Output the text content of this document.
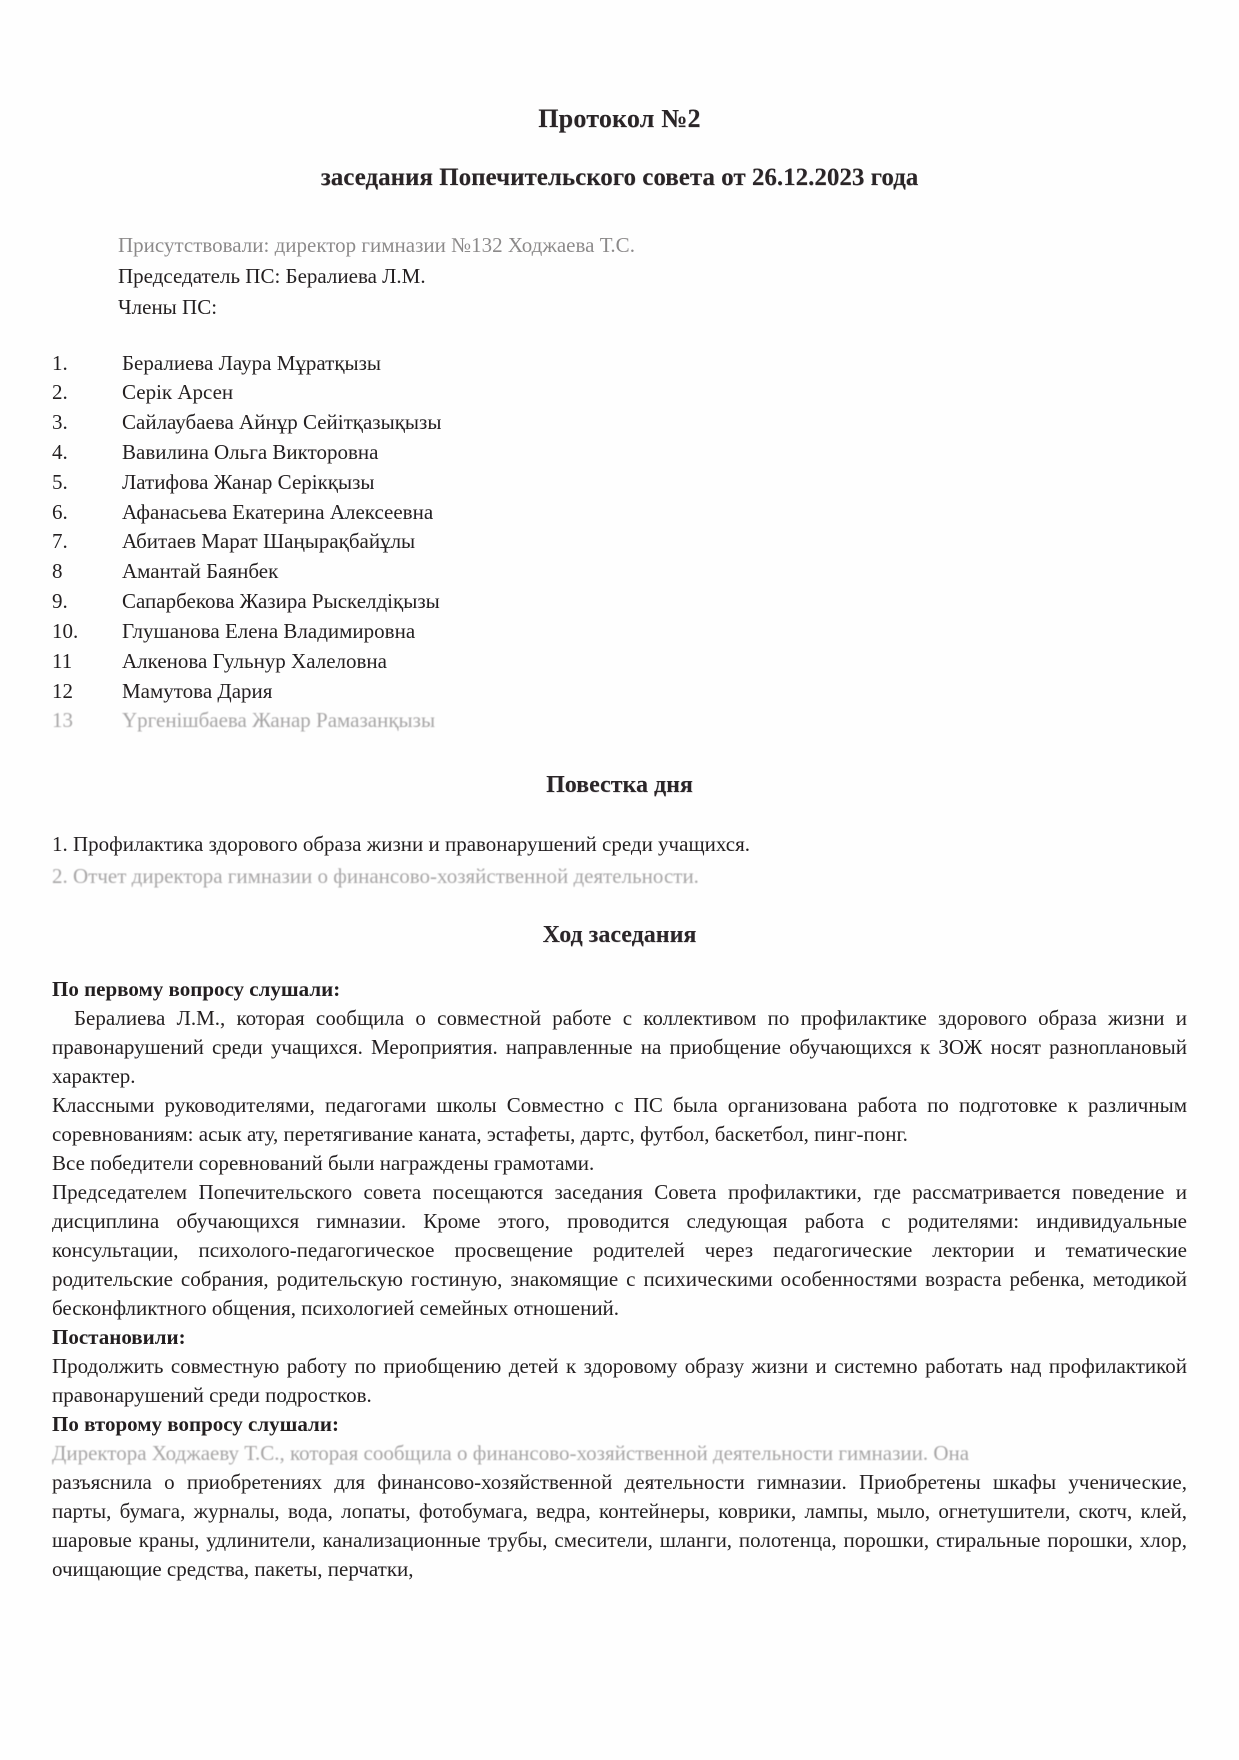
Протокол №2
заседания Попечительского совета от 26.12.2023 года
Присутствовали: директор гимназии №132 Ходжаева Т.С.
Председатель ПС: Бералиева Л.М.
Члены ПС:
1.	Бералиева Лаура Мұратқызы
2.	Серік Арсен
3.	Сайлаубаева Айнұр Сейітқазықызы
4.	Вавилина Ольга Викторовна
5.	Латифова Жанар Серікқызы
6.	Афанасьева Екатерина Алексеевна
7.	Абитаев Марат Шаңырақбайұлы
8	Амантай Баянбек
9.	Сапарбекова Жазира Рыскелдіқызы
10.	Глушанова Елена Владимировна
11	Алкенова Гульнур Халеловна
12	Мамутова Дария
13	Үргенішбаева Жанар Рамазанқызы
Повестка дня
1. Профилактика здорового образа жизни и правонарушений среди учащихся.
2. Отчет директора гимназии о финансово-хозяйственной деятельности.
Ход заседания

По первому вопросу слушали:

Бералиева Л.М., которая сообщила о совместной работе с коллективом по профилактике здорового образа жизни и правонарушений среди учащихся. Мероприятия. направленные на приобщение обучающихся к ЗОЖ носят разноплановый характер.

Классными руководителями, педагогами школы Совместно с ПС была организована работа по подготовке к различным соревнованиям: асык ату, перетягивание каната, эстафеты, дартс, футбол, баскетбол, пинг-понг.

Все победители соревнований были награждены грамотами.

Председателем Попечительского совета посещаются заседания Совета профилактики, где рассматривается поведение и дисциплина обучающихся гимназии. Кроме этого, проводится следующая работа с родителями: индивидуальные консультации, психолого-педагогическое просвещение родителей через педагогические лектории и тематические родительские собрания, родительскую гостиную, знакомящие с психическими особенностями возраста ребенка, методикой бесконфликтного общения, психологией семейных отношений.

Постановили:

Продолжить совместную работу по приобщению детей к здоровому образу жизни и системно работать над профилактикой правонарушений среди подростков.

По второму вопросу слушали:

Директора Ходжаеву Т.С., которая сообщила о финансово-хозяйственной деятельности гимназии. Она

разъяснила о приобретениях для финансово-хозяйственной деятельности гимназии. Приобретены шкафы ученические, парты, бумага, журналы, вода, лопаты, фотобумага, ведра, контейнеры, коврики, лампы, мыло, огнетушители, скотч, клей, шаровые краны, удлинители, канализационные трубы, смесители, шланги, полотенца, порошки, стиральные порошки, хлор, очищающие средства, пакеты, перчатки,
